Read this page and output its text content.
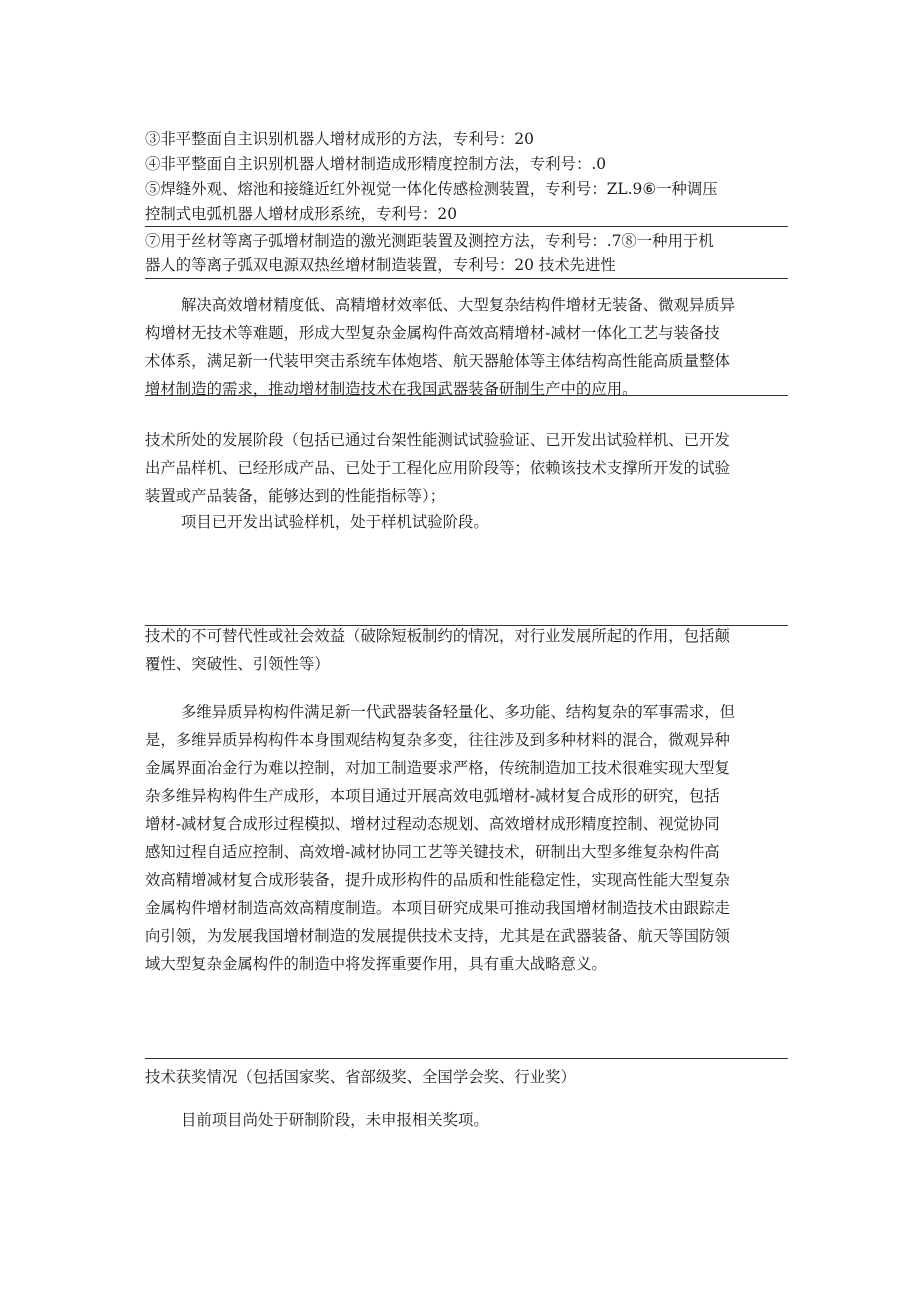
③非平整面自主识别机器人增材成形的方法，专利号：20
④非平整面自主识别机器人增材制造成形精度控制方法，专利号：.0
⑤焊缝外观、熔池和接缝近红外视觉一体化传感检测装置，专利号：ZL.9⑥一种调压
控制式电弧机器人增材成形系统，专利号：20
⑦用于丝材等离子弧增材制造的激光测距装置及测控方法，专利号：.7⑧一种用于机
器人的等离子弧双电源双热丝增材制造装置，专利号：20 技术先进性
解决高效增材精度低、高精增材效率低、大型复杂结构件增材无装备、微观异质异
构增材无技术等难题，形成大型复杂金属构件高效高精增材-减材一体化工艺与装备技
术体系，满足新一代装甲突击系统车体炮塔、航天器舱体等主体结构高性能高质量整体
增材制造的需求，推动增材制造技术在我国武器装备研制生产中的应用。
技术所处的发展阶段（包括已通过台架性能测试试验验证、已开发出试验样机、已开发
出产品样机、已经形成产品、已处于工程化应用阶段等；依赖该技术支撑所开发的试验
装置或产品装备，能够达到的性能指标等）；
项目已开发出试验样机，处于样机试验阶段。
技术的不可替代性或社会效益（破除短板制约的情况，对行业发展所起的作用，包括颠
覆性、突破性、引领性等）
多维异质异构构件满足新一代武器装备轻量化、多功能、结构复杂的军事需求，但
是，多维异质异构构件本身围观结构复杂多变，往往涉及到多种材料的混合，微观异种
金属界面冶金行为难以控制，对加工制造要求严格，传统制造加工技术很难实现大型复
杂多维异构构件生产成形，本项目通过开展高效电弧增材-减材复合成形的研究，包括
增材-减材复合成形过程模拟、增材过程动态规划、高效增材成形精度控制、视觉协同
感知过程自适应控制、高效增-减材协同工艺等关键技术，研制出大型多维复杂构件高
效高精增减材复合成形装备，提升成形构件的品质和性能稳定性，实现高性能大型复杂
金属构件增材制造高效高精度制造。本项目研究成果可推动我国增材制造技术由跟踪走
向引领，为发展我国增材制造的发展提供技术支持，尤其是在武器装备、航天等国防领
域大型复杂金属构件的制造中将发挥重要作用，具有重大战略意义。
技术获奖情况（包括国家奖、省部级奖、全国学会奖、行业奖）
目前项目尚处于研制阶段，未申报相关奖项。
